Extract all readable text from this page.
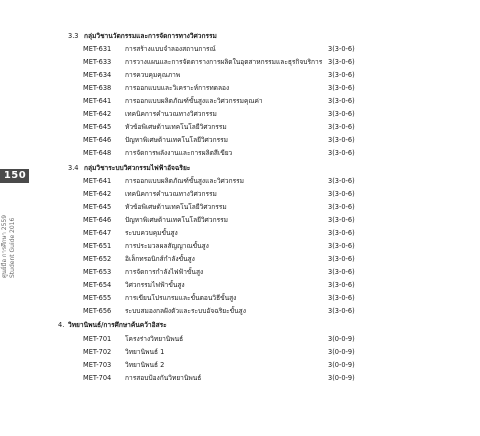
150
ศูนย์มือ การศึกษา 2559 Student Guide 2016
3.3 กลุ่มวิชานวัตกรรมและการจัดการทางวิศวกรรม
MET-631 การสร้างแบบจำลองสถานการณ์	3(3-0-6)
MET-633 การวางแผนและการจัดตารางการผลิตในอุตสาหกรรมและธุรกิจบริการ 3(3-0-6)
MET-634 การควบคุมคุณภาพ	3(3-0-6)
MET-638 การออกแบบและวิเคราะห์การทดลอง	3(3-0-6)
MET-641 การออกแบบผลิตภัณฑ์ขั้นสูงและวิศวกรรมคุณค่า	3(3-0-6)
MET-642 เทคนิคการคำนวณทางวิศวกรรม	3(3-0-6)
MET-645 หัวข้อพิเศษด้านเทคโนโลยีวิศวกรรม	3(3-0-6)
MET-646 ปัญหาพิเศษด้านเทคโนโลยีวิศวกรรม	3(3-0-6)
MET-648 การจัดการพลังงานและการผลิตสีเขียว	3(3-0-6)
3.4 กลุ่มวิชาระบบวิศวกรรมไฟฟ้าอัจฉริยะ
MET-641 การออกแบบผลิตภัณฑ์ขั้นสูงและวิศวกรรม	3(3-0-6)
MET-642 เทคนิคการคำนวณทางวิศวกรรม	3(3-0-6)
MET-645 หัวข้อพิเศษด้านเทคโนโลยีวิศวกรรม	3(3-0-6)
MET-646 ปัญหาพิเศษด้านเทคโนโลยีวิศวกรรม	3(3-0-6)
MET-647 ระบบควบคุมขั้นสูง	3(3-0-6)
MET-651 การประมวลผลสัญญาณขั้นสูง	3(3-0-6)
MET-652 อิเล็กทรอนิกส์กำลังขั้นสูง	3(3-0-6)
MET-653 การจัดการกำลังไฟฟ้าขั้นสูง	3(3-0-6)
MET-654 วิศวกรรมไฟฟ้าขั้นสูง	3(3-0-6)
MET-655 การเขียนโปรแกรมและขั้นตอนวิธีขั้นสูง	3(3-0-6)
MET-656 ระบบสมองกลฝังตัวและระบบอัจฉริยะขั้นสูง	3(3-0-6)
4. วิทยานิพนธ์/การศึกษาค้นคว้าอิสระ
MET-701 โครงร่างวิทยานิพนธ์	3(0-0-9)
MET-702 วิทยานิพนธ์ 1	3(0-0-9)
MET-703 วิทยานิพนธ์ 2	3(0-0-9)
MET-704 การสอบป้องกันวิทยานิพนธ์	3(0-0-9)
